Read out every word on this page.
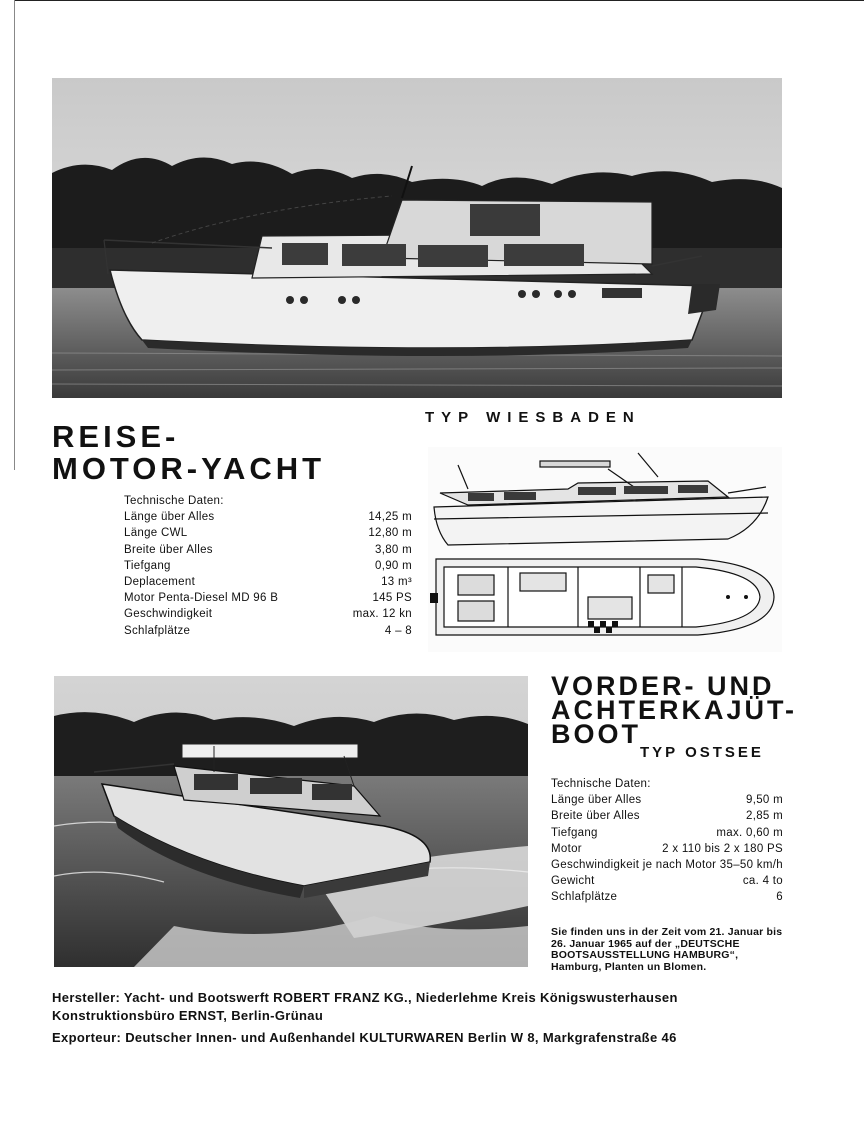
TYP WIESBADEN
REISE-
MOTOR-YACHT
Technische Daten:
Länge über Alles	14,25 m
Länge CWL	12,80 m
Breite über Alles	3,80 m
Tiefgang	0,90 m
Deplacement	13 m³
Motor Penta-Diesel MD 96 B	145 PS
Geschwindigkeit	max. 12 kn
Schlafplätze	4 – 8
VORDER- UND
ACHTERKAJÜT-
BOOT
TYP OSTSEE
Technische Daten:
Länge über Alles	9,50 m
Breite über Alles	2,85 m
Tiefgang	max. 0,60 m
Motor	2 x 110 bis 2 x 180 PS
Geschwindigkeit je nach Motor 35–50 km/h
Gewicht	ca. 4 to
Schlafplätze	6
Sie finden uns in der Zeit vom 21. Januar bis 26. Januar 1965 auf der „DEUTSCHE BOOTSAUSSTELLUNG HAMBURG“, Hamburg, Planten un Blomen.
Hersteller: Yacht- und Bootswerft ROBERT FRANZ KG., Niederlehme Kreis Königswusterhausen
Konstruktionsbüro ERNST, Berlin-Grünau
Exporteur: Deutscher Innen- und Außenhandel KULTURWAREN Berlin W 8, Markgrafenstraße 46
